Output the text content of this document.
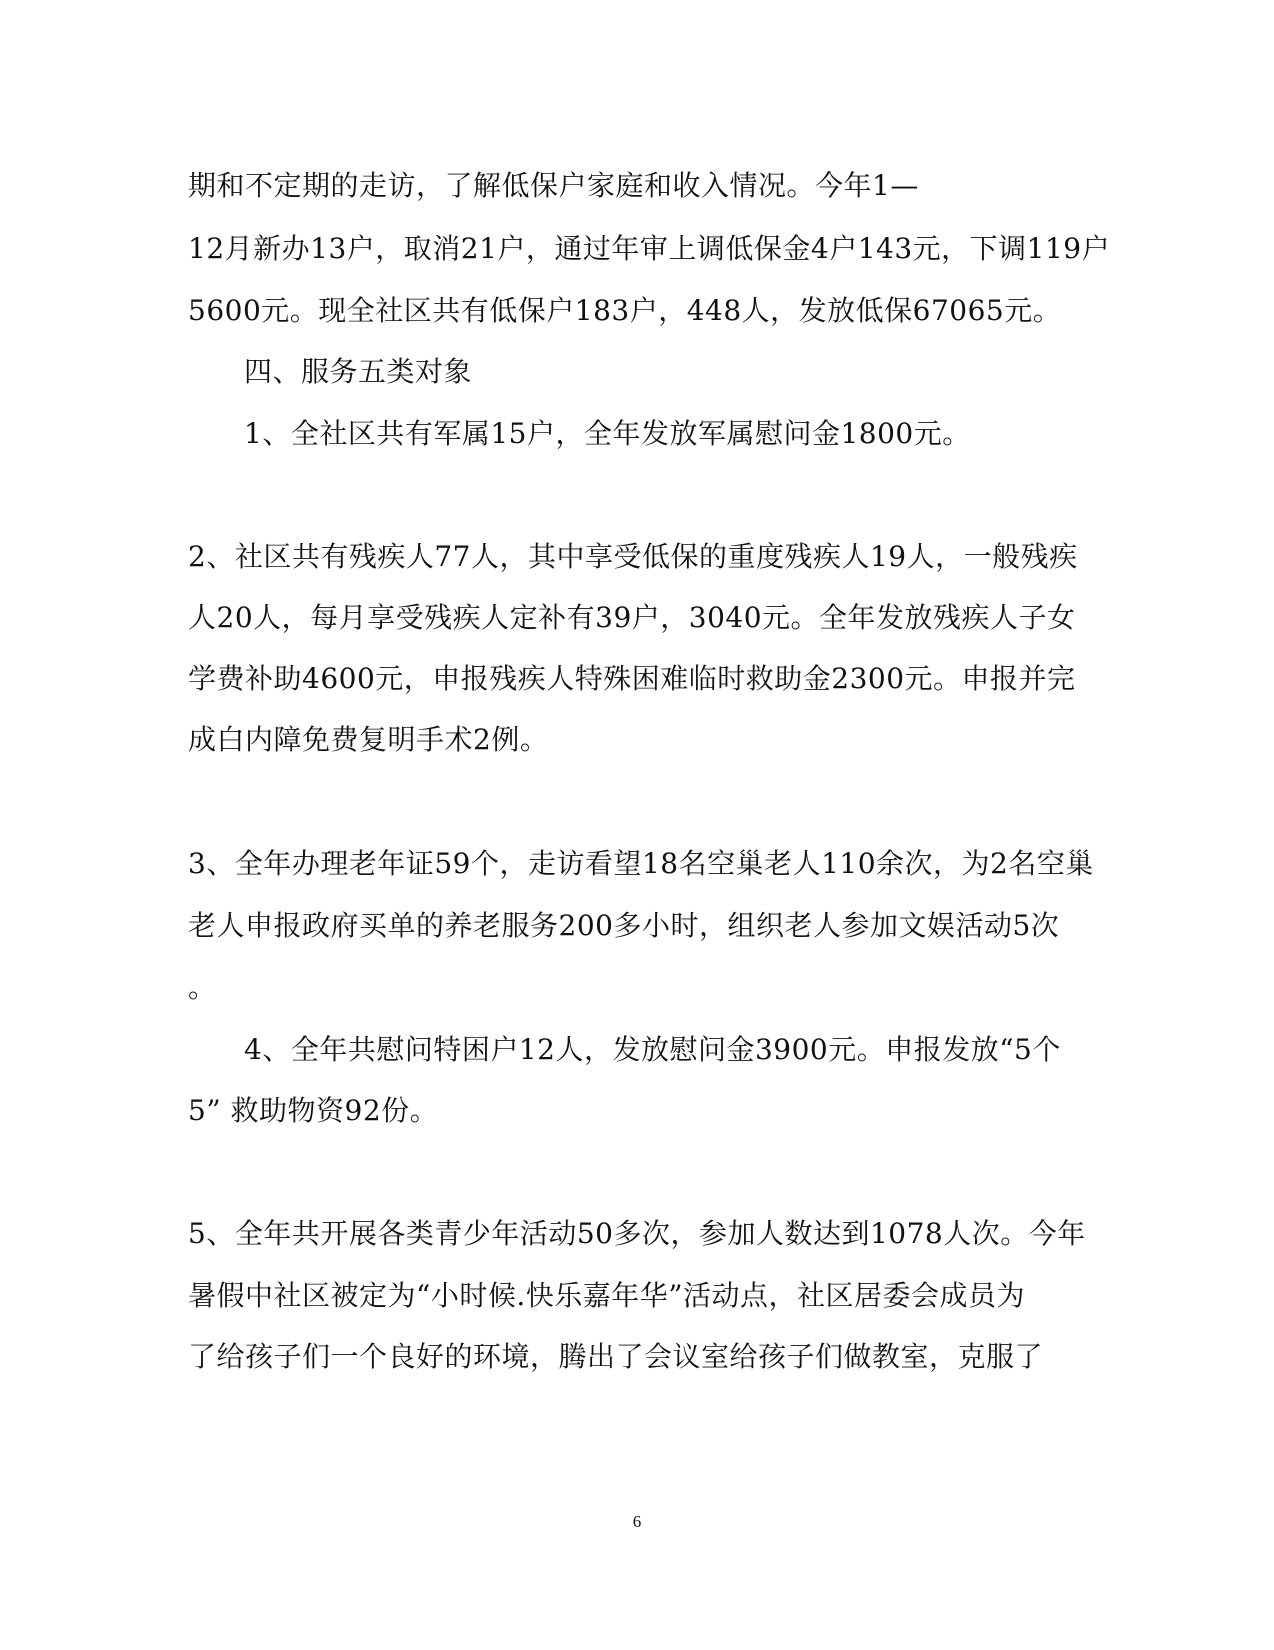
期和不定期的走访，了解低保户家庭和收入情况。今年1—
12月新办13户，取消21户，通过年审上调低保金4户143元，下调119户
5600元。现全社区共有低保户183户，448人，发放低保67065元。
四、服务五类对象
1、全社区共有军属15户，全年发放军属慰问金1800元。
2、社区共有残疾人77人，其中享受低保的重度残疾人19人，一般残疾
人20人，每月享受残疾人定补有39户，3040元。全年发放残疾人子女
学费补助4600元，申报残疾人特殊困难临时救助金2300元。申报并完
成白内障免费复明手术2例。
3、全年办理老年证59个，走访看望18名空巢老人110余次，为2名空巢
老人申报政府买单的养老服务200多小时，组织老人参加文娱活动5次
。
4、全年共慰问特困户12人，发放慰问金3900元。申报发放“5个
5” 救助物资92份。
5、全年共开展各类青少年活动50多次，参加人数达到1078人次。今年
暑假中社区被定为“小时候.快乐嘉年华”活动点，社区居委会成员为
了给孩子们一个良好的环境，腾出了会议室给孩子们做教室，克服了
6
